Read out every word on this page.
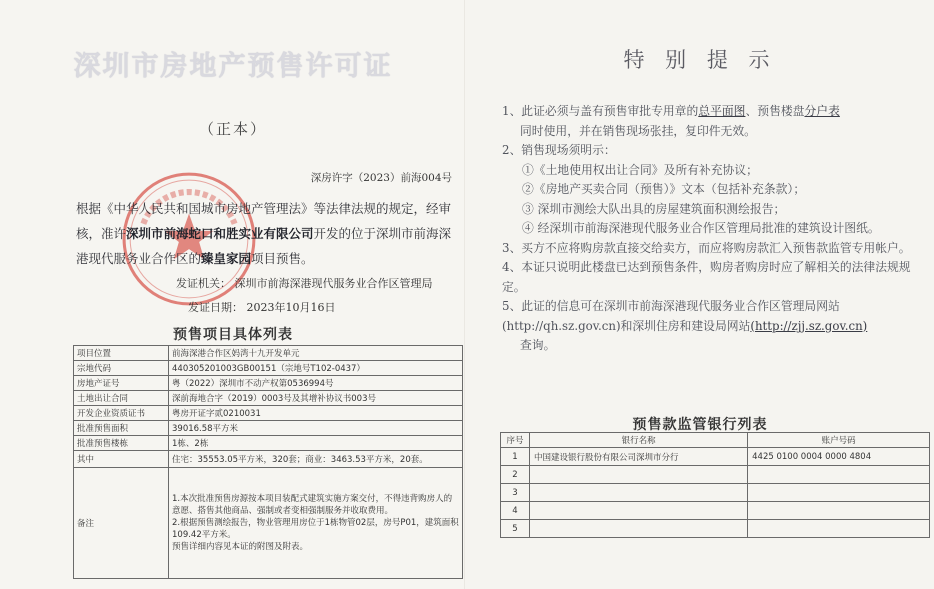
深圳市房地产预售许可证
（正本）
深房许字（2023）前海004号
根据《中华人民共和国城市房地产管理法》等法律法规的规定，经审核，准许深圳市前海蛇口和胜实业有限公司开发的位于深圳市前海深港现代服务业合作区的臻皇家园项目预售。
发证机关： 深圳市前海深港现代服务业合作区管理局
发证日期： 2023年10月16日
预售项目具体列表
项目位置	前海深港合作区妈湾十九开发单元
宗地代码	440305201003GB00151（宗地号T102-0437）
房地产证号	粤（2022）深圳市不动产权第0536994号
土地出让合同	深前海地合字（2019）0003号及其增补协议书003号
开发企业资质证书	粤房开证字贰0210031
批准预售面积	39016.58平方米
批准预售楼栋	1栋、2栋
其中	住宅：35553.05平方米，320套；商业：3463.53平方米，20套。
备注	1.本次批准预售房源按本项目装配式建筑实施方案交付，不得违背购房人的意愿、搭售其他商品、强制或者变相强制服务并收取费用。

2.根据预售测绘报告，物业管理用房位于1栋物管02层，房号P01，建筑面积109.42平方米。

预售详细内容见本证的附图及附表。

特 别 提 示
1、此证必须与盖有预售审批专用章的总平面图、预售楼盘分户表
同时使用，并在销售现场张挂，复印件无效。
2、销售现场须明示：
①《土地使用权出让合同》及所有补充协议；
②《房地产买卖合同（预售）》文本（包括补充条款）；
③ 深圳市测绘大队出具的房屋建筑面积测绘报告；
④ 经深圳市前海深港现代服务业合作区管理局批准的建筑设计图纸。
3、买方不应将购房款直接交给卖方，而应将购房款汇入预售款监管专用帐户。
4、本证只说明此楼盘已达到预售条件，购房者购房时应了解相关的法律法规规定。
5、此证的信息可在深圳市前海深港现代服务业合作区管理局网站(http://qh.sz.gov.cn)和深圳住房和建设局网站(http://zjj.sz.gov.cn)
查询。
预售款监管银行列表
序号	银行名称	账户号码
1	中国建设银行股份有限公司深圳市分行	4425 0100 0004 0000 4804
2		
3		
4		
5		
